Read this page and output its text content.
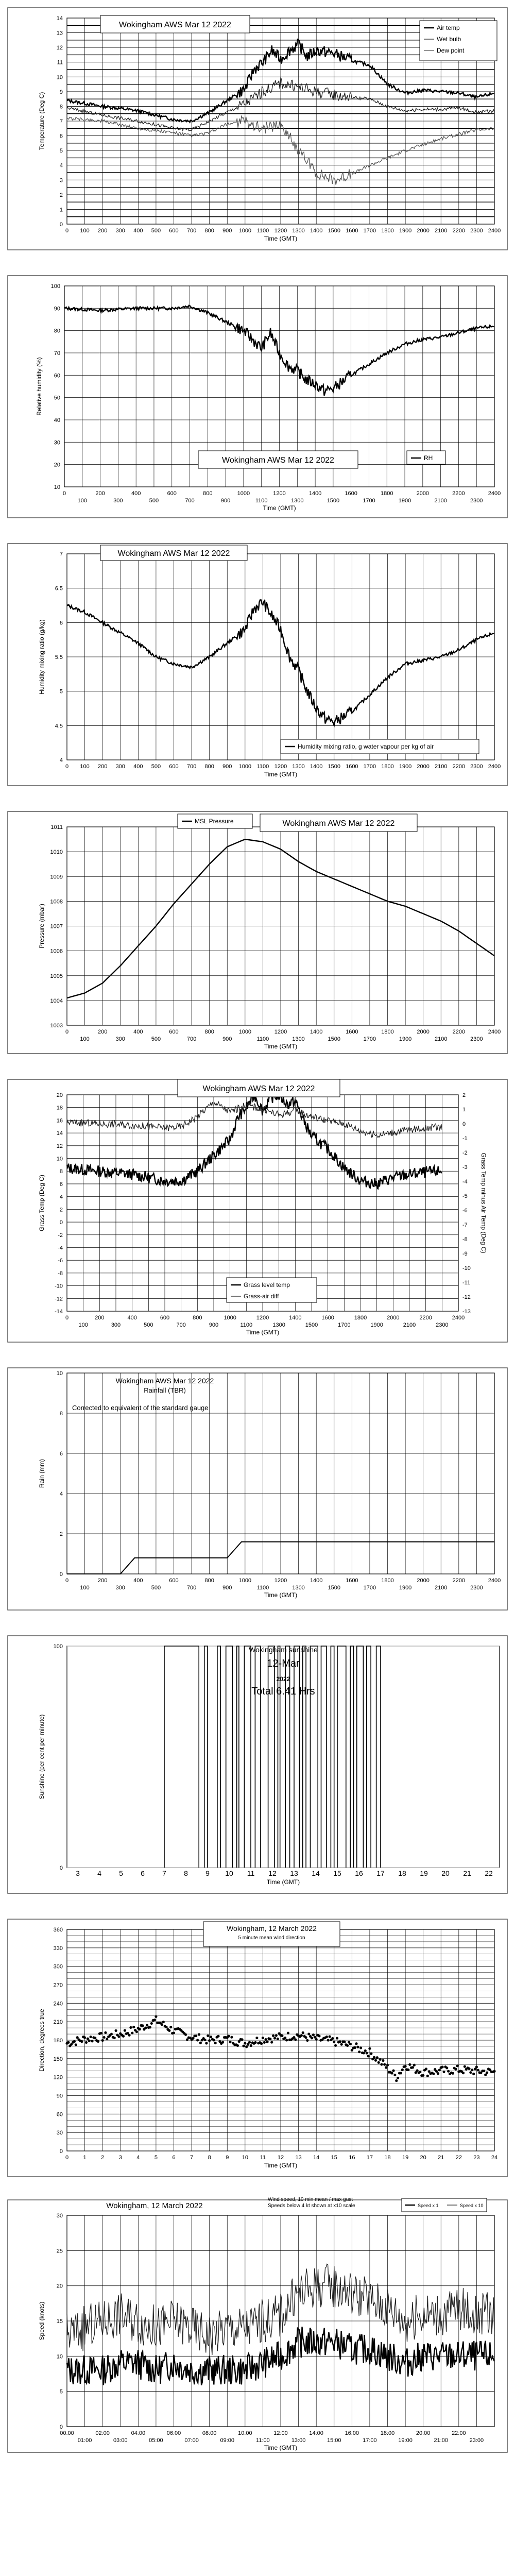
0
1
2
3
4
5
6
7
8
9
10
11
12
13
14
0 100 200 300 400 500 600 700 800 900 1000 1100 1200 1300 1400 1500 1600 1700 1800 1900 2000 2100 2200 2300 2400
Time (GMT)
Temperature (Deg C)
Wokingham AWS Mar 12 2022	Air temp
Wet bulb
Dew point
10
20
30
40
50
60
70
80
90
100
0	200	400	600	800	1000	1200	1400	1600	1800	2000	2200	2400
100	300	500	700	900	1100	1300	1500	1700	1900	2100	2300
Time (GMT)
Relative humidity (%)
Wokingham AWS Mar 12 2022	RH
4
4.5
5
5.5
6
6.5
7
0 100 200 300 400 500 600 700 800 900 1000 1100 1200 1300 1400 1500 1600 1700 1800 1900 2000 2100 2200 2300 2400
Time (GMT)
Humidity mixing ratio (g/kg)
Wokingham AWS Mar 12 2022
Humidity mixing ratio, g water vapour per kg of air
1003
1004
1005
1006
1007
1008
1009
1010
1011
0	200	400	600	800	1000	1200	1400	1600	1800	2000	2200	2400
100	300	500	700	900	1100	1300	1500	1700	1900	2100	2300
Time (GMT)
Pressure (mbar)
Wokingham AWS Mar 12 2022
MSL Pressure
-14
-12
-10
-8
-6
-4
-2
0
2
4
6
8
10
12
14
16
18
20
-13
-12
-11
-10
-9
-8
-7
-6
-5
-4
-3
-2
-1
0
1
2
0	200	400	600	800	1000	1200	1400	1600	1800	2000	2200	2400
100	300	500	700	900	1100	1300	1500	1700	1900	2100	2300
Time (GMT)
Grass Temp (Deg C)	Grass Temp minus Air Temp (Deg C)
Wokingham AWS Mar 12 2022
Grass level temp
Grass-air diff
0
2
4
6
8
10
0	200	400	600	800	1000	1200	1400	1600	1800	2000	2200	2400
100	300	500	700	900	1100	1300	1500	1700	1900	2100	2300
Time (GMT)
Rain (mm)
Wokingham AWS Mar 12 2022
Rainfall (TBR)
Corrected to equivalent of the standard gauge
0
100
3 4 5 6 7 8 9 10 11 12 13 14 15 16 17 18 19 20 21 22
Time (GMT)
Sunshine (per cent per minute)
Wokingham sunshine
12-Mar
2022
Total 6.41 Hrs
0
30
60
90
120
150
180
210
240
270
300
330
360
0	1	2	3	4	5	6	7	8	9 10 11 12 13 14 15 16 17 18 19 20 21 22 23 24
Time (GMT)
Direction, degrees true
Wokingham, 12 March 2022
5 minute mean wind direction
0
5
10
15
20
25
30
00:00	02:00	04:00	06:00	08:00	10:00	12:00	14:00	16:00	18:00	20:00	22:00
01:00	03:00	05:00	07:00	09:00	11:00	13:00	15:00	17:00	19:00	21:00	23:00
Time (GMT)
Speed (knots)
Wokingham, 12 March 2022
Wind speed, 10 min mean / max gust
Speeds below 4 kt shown at x10 scale	Speed x 1	Speed x 10
